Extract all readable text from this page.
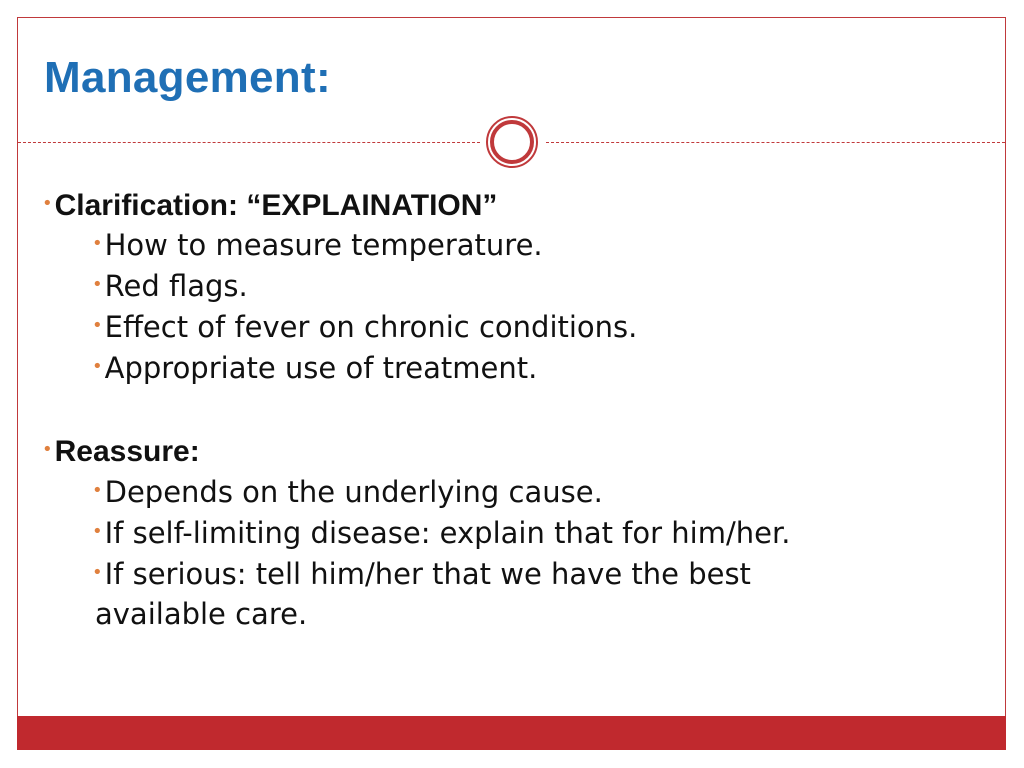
Management:
•Clarification: “EXPLAINATION”
•How to measure temperature.
•Red flags.
•Effect of fever on chronic conditions.
•Appropriate use of treatment.
•Reassure:
•Depends on the underlying cause.
•If self-limiting disease: explain that for him/her.
•If serious: tell him/her that we have the best
available care.
